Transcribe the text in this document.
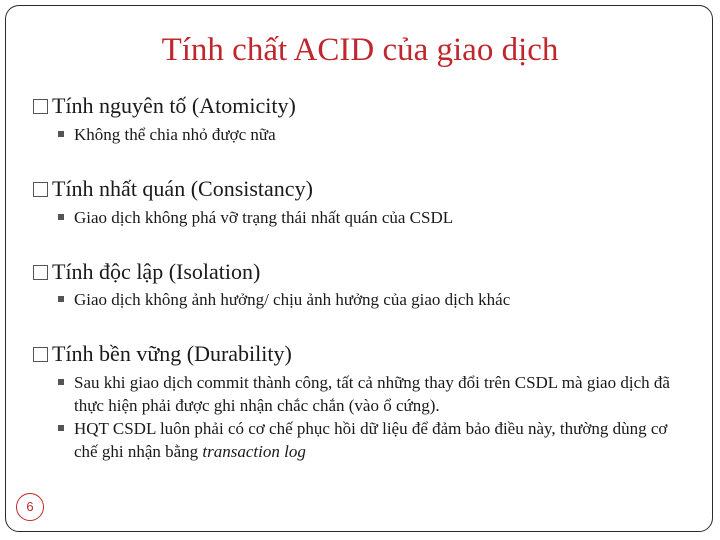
Tính chất ACID của giao dịch
Tính nguyên tố (Atomicity)
Không thể chia nhỏ được nữa
Tính nhất quán (Consistancy)
Giao dịch không phá vỡ trạng thái nhất quán của CSDL
Tính độc lập (Isolation)
Giao dịch không ảnh hưởng/ chịu ảnh hưởng của giao dịch khác
Tính bền vững (Durability)
Sau khi giao dịch commit thành công, tất cả những thay đổi trên CSDL mà giao dịch đã thực hiện phải được ghi nhận chắc chắn (vào ổ cứng).
HQT CSDL luôn phải có cơ chế phục hồi dữ liệu để đảm bảo điều này, thường dùng cơ chế ghi nhận bằng transaction log
6
